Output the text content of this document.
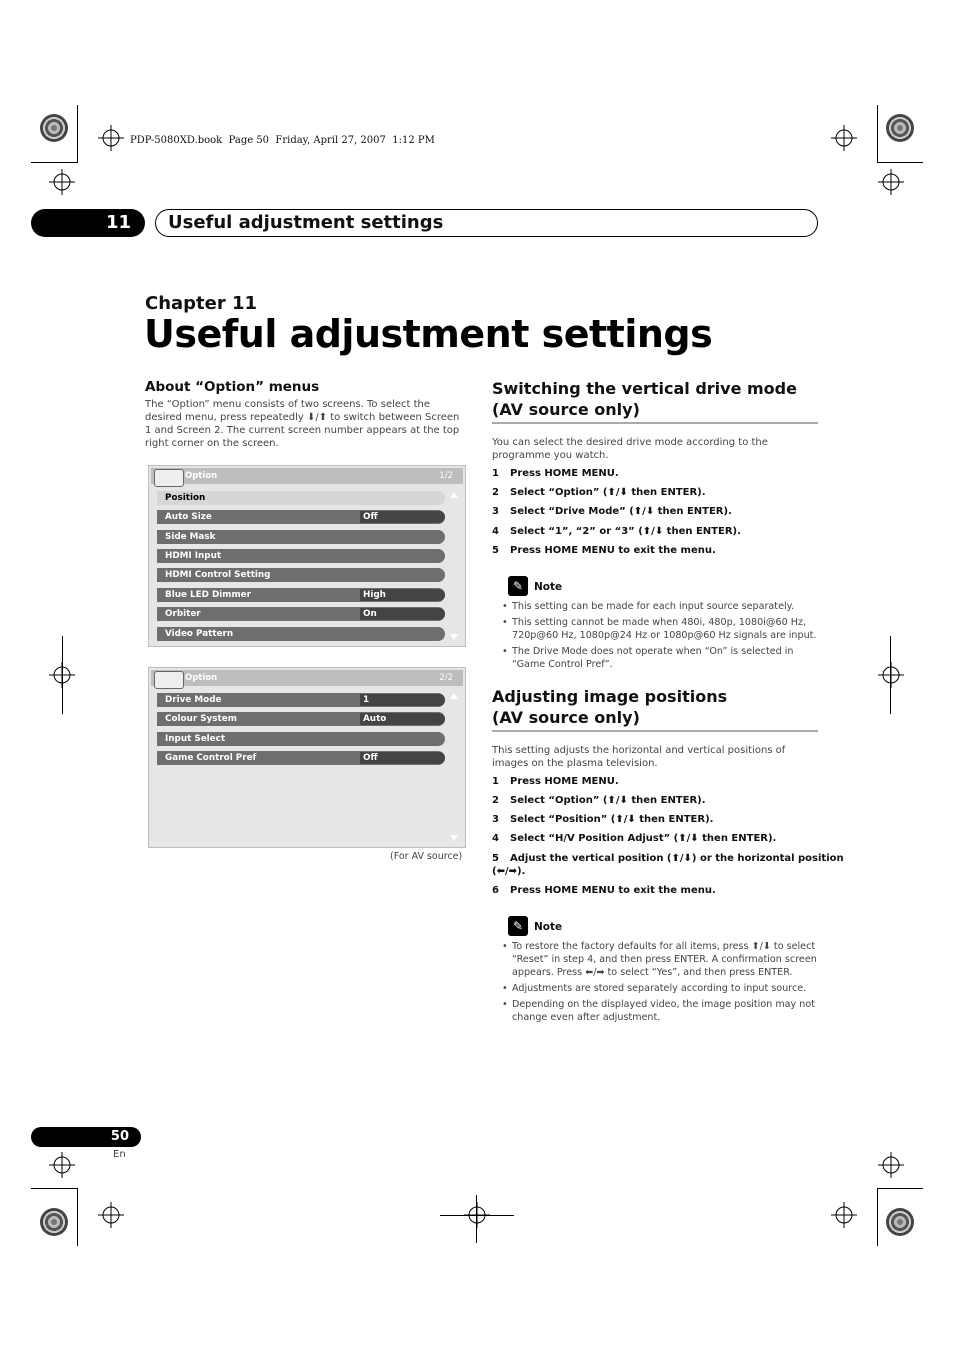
PDP-5080XD.book  Page 50  Friday, April 27, 2007  1:12 PM
11	Useful adjustment settings
Chapter 11
Useful adjustment settings
About “Option” menus
The “Option” menu consists of two screens. To select the desired menu, press repeatedly ⬇/⬆ to switch between Screen 1 and Screen 2. The current screen number appears at the top right corner on the screen.
Option	1/2
Position
Auto Size	Off
Side Mask
HDMI Input
HDMI Control Setting
Blue LED Dimmer	High
Orbiter	On
Video Pattern
Option	2/2
Drive Mode	1
Colour System	Auto
Input Select
Game Control Pref	Off
(For AV source)
Switching the vertical drive mode
(AV source only)
You can select the desired drive mode according to the programme you watch.
1 Press HOME MENU.
2 Select “Option” (⬆/⬇ then ENTER).
3 Select “Drive Mode” (⬆/⬇ then ENTER).
4 Select “1”, “2” or “3” (⬆/⬇ then ENTER).
5 Press HOME MENU to exit the menu.
✎	Note
• This setting can be made for each input source separately.
• This setting cannot be made when 480i, 480p, 1080i@60 Hz, 720p@60 Hz, 1080p@24 Hz or 1080p@60 Hz signals are input.
• The Drive Mode does not operate when “On” is selected in “Game Control Pref”.
Adjusting image positions
(AV source only)
This setting adjusts the horizontal and vertical positions of images on the plasma television.
1 Press HOME MENU.
2 Select “Option” (⬆/⬇ then ENTER).
3 Select “Position” (⬆/⬇ then ENTER).
4 Select “H/V Position Adjust” (⬆/⬇ then ENTER).
5 Adjust the vertical position (⬆/⬇) or the horizontal position
(⬅/➡).
6 Press HOME MENU to exit the menu.
✎	Note
• To restore the factory defaults for all items, press ⬆/⬇ to select “Reset” in step 4, and then press ENTER. A confirmation screen appears. Press ⬅/➡ to select “Yes”, and then press ENTER.
• Adjustments are stored separately according to input source.
• Depending on the displayed video, the image position may not change even after adjustment.
50
En
